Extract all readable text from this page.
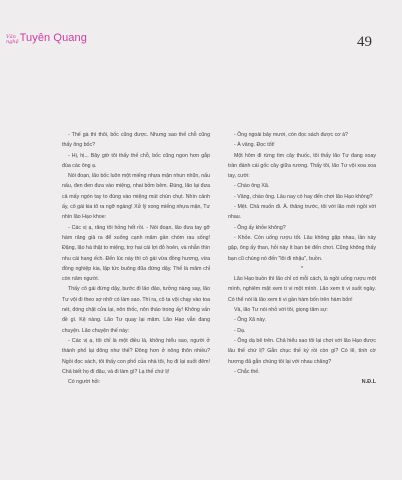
Văn
nghệ Tuyên Quang	49

- Thế gà thì thôi, bốc cũng được. Nhưng sao thế chỗ cũng thấy ông bốc?

- Hị, hị... Bây giờ tôi thấy thế chỗ, bốc cũng ngon hơn gắp đùa các ông ạ.

Nói đoạn, lão bốc luôn một miếng nhựa mận nhun nhũn, nấu nấu, đen đen đưa vào miệng, nhai bỏm bẻm. Đúng, lão lại đưa cả mấy ngón tay to đùng vào miệng mút chùn chụt. Nhìn cảnh ấy, cô gái kia tô ra ngỡ ngàng! Xử lý xong miếng nhựa mận, Tư nhìn lão Hạo khoe:

- Các vị ạ, răng tôi hỏng hết rồi. - Nói đoạn, lão đưa tay gỡ hàm răng giả ra để xuống cạnh mâm gần chóm rau sống! Đặng, lão há thật to miệng, trợ hai cái lợi đỏ hoẻn, và nhẫn thìn nhu cái hang ếch. Đến lúc này thì cô gái vừa đồng hương, vừa đồng nghiệp kia, lặp tức buông đũa đứng dậy. Thế là mâm chỉ còn năm người.

Thấy cô gái đứng dậy, bước đi lảo đảo, tưởng nàng say, lão Tư vội đi theo sợ nhỡ có làm sao. Thì ra, cô ta vội chạy vào toa nét, đóng chặt cửa lại, nôn thốc, nôn tháo trong ấy! Không vấn đề gì. Kệ nàng. Lão Tư quay lại mâm. Lão Hạo vẫn đang chuyện. Lão chuyện thế này:

- Các vị ạ, tôi chỉ là một điều là, không hiểu sao, người ở thành phố lại đông như thế? Đông hơn ở nông thôn nhiều? Ngồi đọc sách, tôi thấy con phố của nhà tôi, họ đi lại suốt đêm! Chả biết họ đi đâu, và đi làm gì? Lạ thế chứ lị!

Có người hỏi:

- Ông ngoài bảy mươi, còn đọc sách được cơ à?

- À vâng. Đọc tốt!

Một hôm đi rừng tìm cây thuốc, tôi thấy lão Tư đang xoay trần đánh cái gốc cây giữa rương. Thấy tôi, lão Tư vội xoa xoa tay, cười:

- Chào ông Xã.

- Vâng, chào ông. Lâu nay có hay đến chơi lão Hạo không?

- Mệt. Chả muốn đi. À. thăng trước, tôi với lão mới ngồi với nhau.

- Ông ấy khỏe không?

- Khỏe. Còn uống rượu tốt. Lâu không gặp nhau, lần này gặp, ông ấy than, hỏi này ít bạn bè đến chơi. Cũng không thấy bạn cũ chúng nó đến "lôi đi nhậu", buồn.

*

Lão Hạo buồn thì lão chỉ có mỗi cách, là ngồi uống rượu một mình, nghiêm mặt xem ti vi một mình. Lão xem ti vi suốt ngày. Có thể nói là lão xem ti vi gần hàm bốn trên hàm bốn!

Và, lão Tư nói nhỏ với tôi, giọng tâm sự:

- Ông Xã này.

- Dạ.

- Ông dạ bê trên. Chả hiểu sao tôi lại chơi với lão Hạo được lâu thế chứ lị? Gắn chục thế kỷ rồi còn gì? Có lẽ, tình cờ hương đã gắn chúng tôi lại với nhau chăng?

- Chắc thế.

N.Đ.L
